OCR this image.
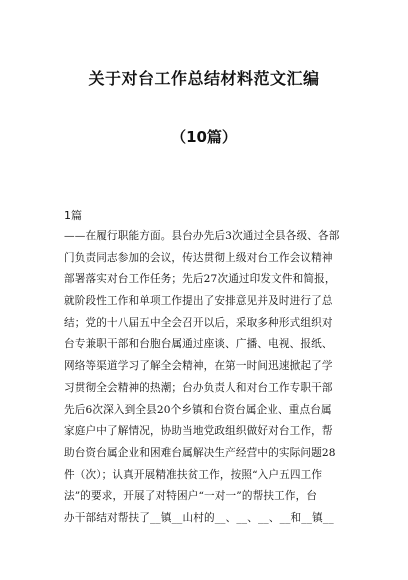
关于对台工作总结材料范文汇编
（10篇）
1篇
——在履行职能方面。县台办先后3次通过全县各级、各部
门负责同志参加的会议，传达贯彻上级对台工作会议精神
部署落实对台工作任务；先后27次通过印发文件和简报，
就阶段性工作和单项工作提出了安排意见并及时进行了总
结；党的十八届五中全会召开以后，采取多种形式组织对
台专兼职干部和台胞台属通过座谈、广播、电视、报纸、
网络等渠道学习了解全会精神，在第一时间迅速掀起了学
习贯彻全会精神的热潮；台办负责人和对台工作专职干部
先后6次深入到全县20个乡镇和台资台属企业、重点台属
家庭户中了解情况，协助当地党政组织做好对台工作，帮
助台资台属企业和困难台属解决生产经营中的实际问题28
件（次）；认真开展精准扶贫工作，按照“入户五四工作
法”的要求，开展了对特困户“一对一”的帮扶工作，台
办干部结对帮扶了__镇__山村的__、__、__、__和__镇__
